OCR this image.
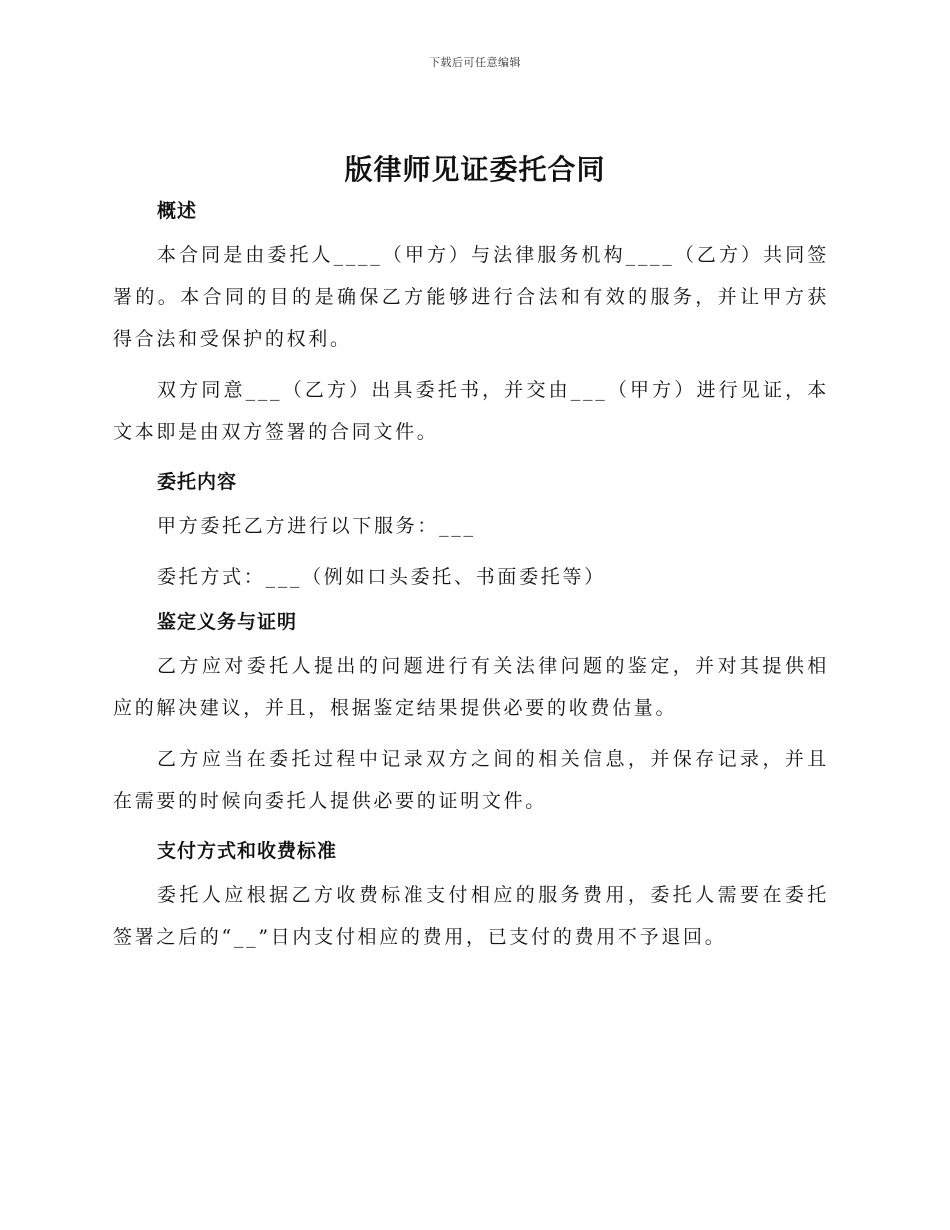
下载后可任意编辑
版律师见证委托合同

概述

本合同是由委托人____（甲方）与法律服务机构____（乙方）共同签署的。本合同的目的是确保乙方能够进行合法和有效的服务，并让甲方获得合法和受保护的权利。

双方同意___（乙方）出具委托书，并交由___（甲方）进行见证，本文本即是由双方签署的合同文件。

委托内容

甲方委托乙方进行以下服务：___

委托方式：___（例如口头委托、书面委托等）

鉴定义务与证明

乙方应对委托人提出的问题进行有关法律问题的鉴定，并对其提供相应的解决建议，并且，根据鉴定结果提供必要的收费估量。

乙方应当在委托过程中记录双方之间的相关信息，并保存记录，并且在需要的时候向委托人提供必要的证明文件。

支付方式和收费标准

委托人应根据乙方收费标准支付相应的服务费用，委托人需要在委托签署之后的“__”日内支付相应的费用，已支付的费用不予退回。
